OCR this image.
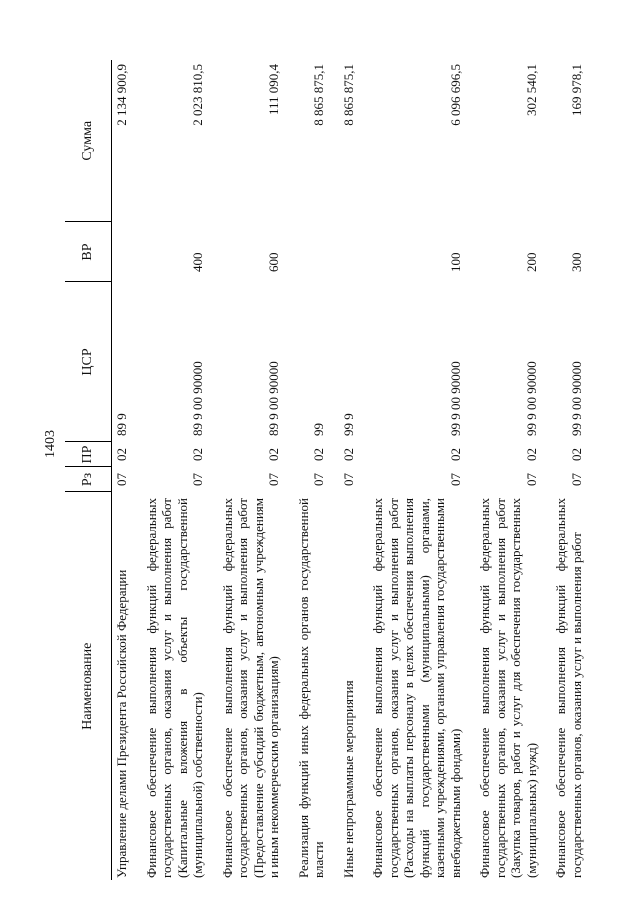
1403
Наименование	Рз	ПР	ЦСР	ВР	Сумма
Управление делами Президента Российской Федерации	07	02	89 9		2 134 900,9
Финансовое обеспечение выполнения функций федеральных государственных органов, оказания услуг и выполнения работ (Капитальные вложения в объекты государственной (муниципальной) собственности)	07	02	89 9 00 90000	400	2 023 810,5
Финансовое обеспечение выполнения функций федеральных государственных органов, оказания услуг и выполнения работ (Предоставление субсидий бюджетным, автономным учреждениям и иным некоммерческим организациям)	07	02	89 9 00 90000	600	111 090,4
Реализация функций иных федеральных органов государственной власти	07	02	99		8 865 875,1
Иные непрограммные мероприятия	07	02	99 9		8 865 875,1
Финансовое обеспечение выполнения функций федеральных государственных органов, оказания услуг и выполнения работ (Расходы на выплаты персоналу в целях обеспечения выполнения функций государственными (муниципальными) органами, казенными учреждениями, органами управления государственными внебюджетными фондами)	07	02	99 9 00 90000	100	6 096 696,5
Финансовое обеспечение выполнения функций федеральных государственных органов, оказания услуг и выполнения работ (Закупка товаров, работ и услуг для обеспечения государственных (муниципальных) нужд)	07	02	99 9 00 90000	200	302 540,1
Финансовое обеспечение выполнения функций федеральных государственных органов, оказания услуг и выполнения работ	07	02	99 9 00 90000	300	169 978,1
